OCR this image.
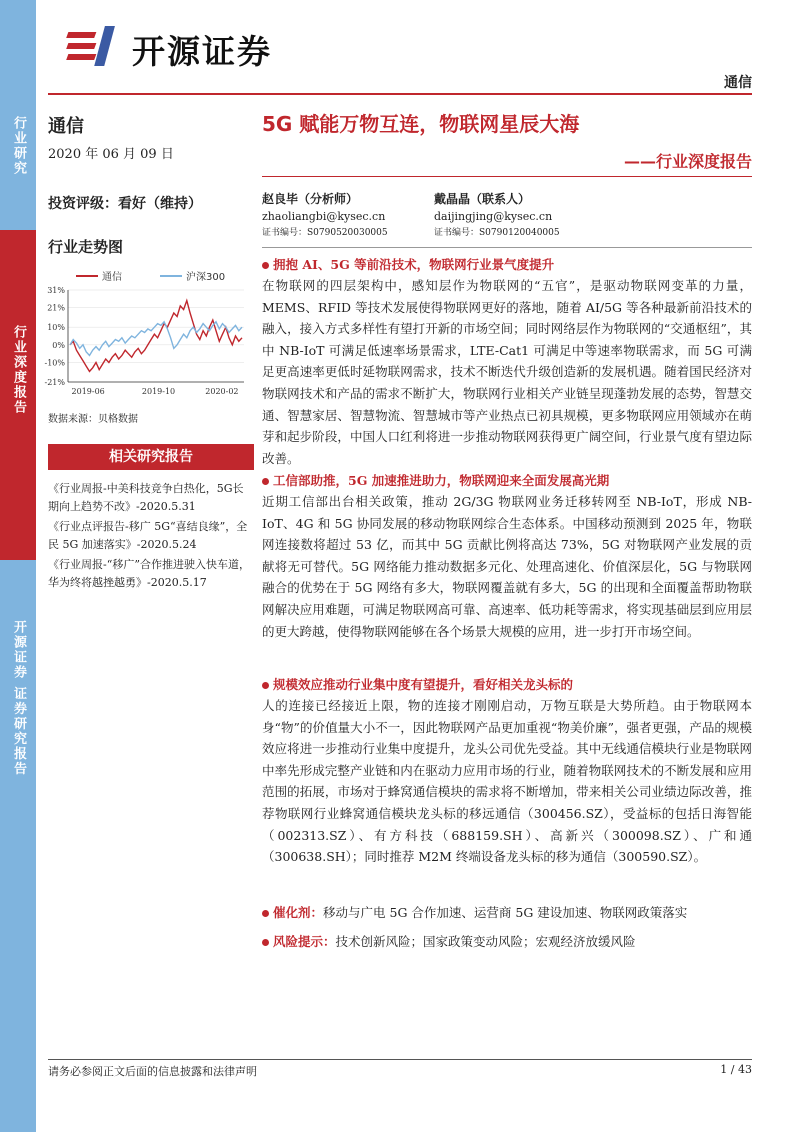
行业研究
行业深度报告
开源证券 证券研究报告
开源证券
通信
通信
2020 年 06 月 09 日
投资评级：看好（维持）
行业走势图
通信	沪深300
31%
21%
10%
0%
-10%
-21%
2019-06	2019-10	2020-02
数据来源：贝格数据
相关研究报告
《行业周报-中美科技竞争白热化，5G长期向上趋势不改》-2020.5.31
《行业点评报告-移广 5G“喜结良缘”，全民 5G 加速落实》-2020.5.24
《行业周报-“移广”合作推进驶入快车道，华为终将越挫越勇》-2020.5.17
5G 赋能万物互连，物联网星辰大海
——行业深度报告
赵良毕（分析师）
zhaoliangbi@kysec.cn
证书编号：S0790520030005
戴晶晶（联系人）
daijingjing@kysec.cn
证书编号：S0790120040005
拥抱 AI、5G 等前沿技术，物联网行业景气度提升
在物联网的四层架构中，感知层作为物联网的“五官”，是驱动物联网变革的力量，MEMS、RFID 等技术发展使得物联网更好的落地，随着 AI/5G 等各种最新前沿技术的融入，接入方式多样性有望打开新的市场空间；同时网络层作为物联网的“交通枢纽”，其中 NB-IoT 可满足低速率场景需求，LTE-Cat1 可满足中等速率物联需求，而 5G 可满足更高速率更低时延物联网需求，技术不断迭代升级创造新的发展机遇。随着国民经济对物联网技术和产品的需求不断扩大，物联网行业相关产业链呈现蓬勃发展的态势，智慧交通、智慧家居、智慧物流、智慧城市等产业热点已初具规模，更多物联网应用领域亦在萌芽和起步阶段，中国人口红利将进一步推动物联网获得更广阔空间，行业景气度有望边际改善。
工信部助推，5G 加速推进助力，物联网迎来全面发展高光期
近期工信部出台相关政策，推动 2G/3G 物联网业务迁移转网至 NB-IoT，形成 NB-IoT、4G 和 5G 协同发展的移动物联网综合生态体系。中国移动预测到 2025 年，物联网连接数将超过 53 亿，而其中 5G 贡献比例将高达 73%，5G 对物联网产业发展的贡献将无可替代。5G 网络能力推动数据多元化、处理高速化、价值深层化，5G 与物联网融合的优势在于 5G 网络有多大，物联网覆盖就有多大，5G 的出现和全面覆盖帮助物联网解决应用难题，可满足物联网高可靠、高速率、低功耗等需求，将实现基础层到应用层的更大跨越，使得物联网能够在各个场景大规模的应用，进一步打开市场空间。
规模效应推动行业集中度有望提升，看好相关龙头标的
人的连接已经接近上限，物的连接才刚刚启动，万物互联是大势所趋。由于物联网本身“物”的价值量大小不一，因此物联网产品更加重视“物美价廉”，强者更强，产品的规模效应将进一步推动行业集中度提升，龙头公司优先受益。其中无线通信模块行业是物联网中率先形成完整产业链和内在驱动力应用市场的行业，随着物联网技术的不断发展和应用范围的拓展，市场对于蜂窝通信模块的需求将不断增加，带来相关公司业绩边际改善，推荐物联网行业蜂窝通信模块龙头标的移远通信（300456.SZ），受益标的包括日海智能（002313.SZ）、有方科技（688159.SH）、高新兴（300098.SZ）、广和通（300638.SH）；同时推荐 M2M 终端设备龙头标的移为通信（300590.SZ）。
催化剂：移动与广电 5G 合作加速、运营商 5G 建设加速、物联网政策落实
风险提示：技术创新风险；国家政策变动风险；宏观经济放缓风险
请务必参阅正文后面的信息披露和法律声明	1 / 43
